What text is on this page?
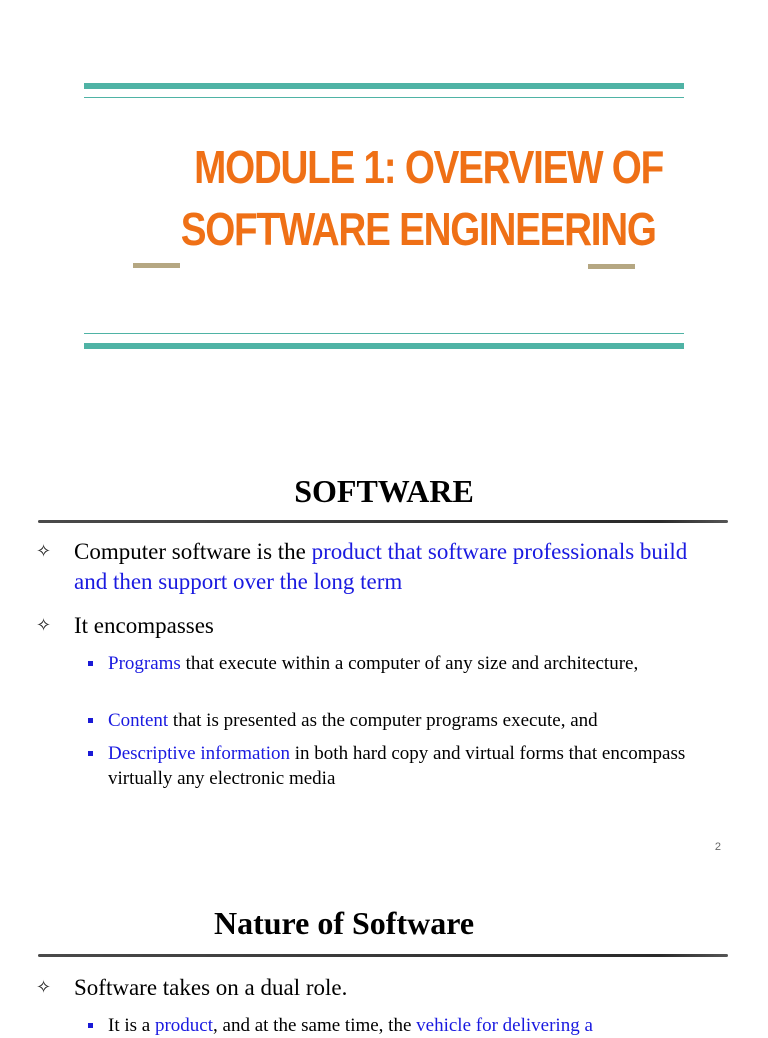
MODULE 1: OVERVIEW OF
SOFTWARE ENGINEERING
SOFTWARE
✧ Computer software is the product that software professionals build and then support over the long term
✧ It encompasses
Programs that execute within a computer of any size and architecture,
Content that is presented as the computer programs execute, and
Descriptive information in both hard copy and virtual forms that encompass virtually any electronic media
2
Nature of Software
✧ Software takes on a dual role.
It is a product, and at the same time, the vehicle for delivering a
